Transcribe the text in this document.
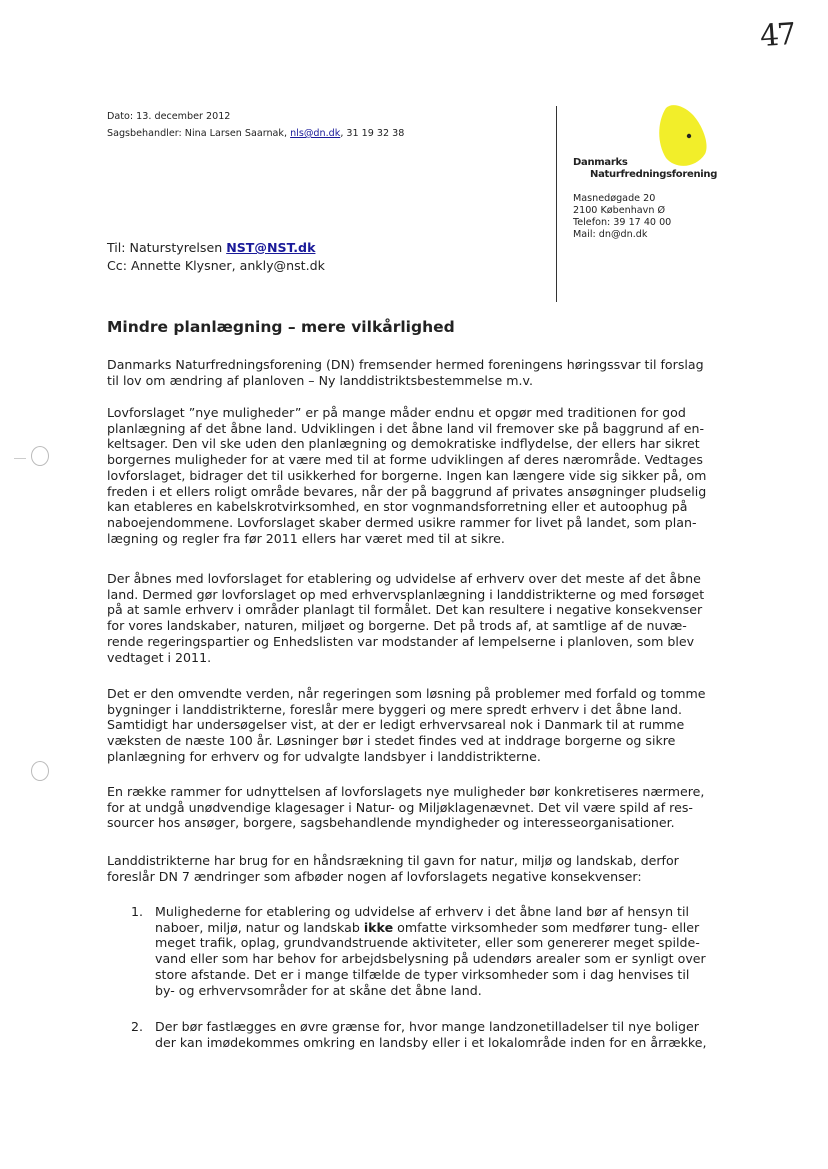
47
Dato: 13. december 2012
Sagsbehandler: Nina Larsen Saarnak, nls@dn.dk, 31 19 32 38
Danmarks
Naturfredningsforening
Masnedøgade 20
2100 København Ø
Telefon: 39 17 40 00
Mail: dn@dn.dk
Til: Naturstyrelsen NST@NST.dk
Cc: Annette Klysner, ankly@nst.dk
Mindre planlægning – mere vilkårlighed

Danmarks Naturfredningsforening (DN) fremsender hermed foreningens høringssvar til forslag

til lov om ændring af planloven – Ny landdistriktsbestemmelse m.v.

Lovforslaget ”nye muligheder” er på mange måder endnu et opgør med traditionen for god

planlægning af det åbne land. Udviklingen i det åbne land vil fremover ske på baggrund af en-

keltsager. Den vil ske uden den planlægning og demokratiske indflydelse, der ellers har sikret

borgernes muligheder for at være med til at forme udviklingen af deres nærområde. Vedtages

lovforslaget, bidrager det til usikkerhed for borgerne. Ingen kan længere vide sig sikker på, om

freden i et ellers roligt område bevares, når der på baggrund af privates ansøgninger pludselig

kan etableres en kabelskrotvirksomhed, en stor vognmandsforretning eller et autoophug på

naboejendommene. Lovforslaget skaber dermed usikre rammer for livet på landet, som plan-

lægning og regler fra før 2011 ellers har været med til at sikre.

Der åbnes med lovforslaget for etablering og udvidelse af erhverv over det meste af det åbne

land. Dermed gør lovforslaget op med erhvervsplanlægning i landdistrikterne og med forsøget

på at samle erhverv i områder planlagt til formålet. Det kan resultere i negative konsekvenser

for vores landskaber, naturen, miljøet og borgerne. Det på trods af, at samtlige af de nuvæ-

rende regeringspartier og Enhedslisten var modstander af lempelserne i planloven, som blev

vedtaget i 2011.

Det er den omvendte verden, når regeringen som løsning på problemer med forfald og tomme

bygninger i landdistrikterne, foreslår mere byggeri og mere spredt erhverv i det åbne land.

Samtidigt har undersøgelser vist, at der er ledigt erhvervsareal nok i Danmark til at rumme

væksten de næste 100 år. Løsninger bør i stedet findes ved at inddrage borgerne og sikre

planlægning for erhverv og for udvalgte landsbyer i landdistrikterne.

En række rammer for udnyttelsen af lovforslagets nye muligheder bør konkretiseres nærmere,

for at undgå unødvendige klagesager i Natur- og Miljøklagenævnet. Det vil være spild af res-

sourcer hos ansøger, borgere, sagsbehandlende myndigheder og interesseorganisationer.

Landdistrikterne har brug for en håndsrækning til gavn for natur, miljø og landskab, derfor

foreslår DN 7 ændringer som afbøder nogen af lovforslagets negative konsekvenser:

1. Mulighederne for etablering og udvidelse af erhverv i det åbne land bør af hensyn til

naboer, miljø, natur og landskab ikke omfatte virksomheder som medfører tung- eller

meget trafik, oplag, grundvandstruende aktiviteter, eller som genererer meget spilde-

vand eller som har behov for arbejdsbelysning på udendørs arealer som er synligt over

store afstande. Det er i mange tilfælde de typer virksomheder som i dag henvises til

by- og erhvervsområder for at skåne det åbne land.

2. Der bør fastlægges en øvre grænse for, hvor mange landzonetilladelser til nye boliger

der kan imødekommes omkring en landsby eller i et lokalområde inden for en årrække,
